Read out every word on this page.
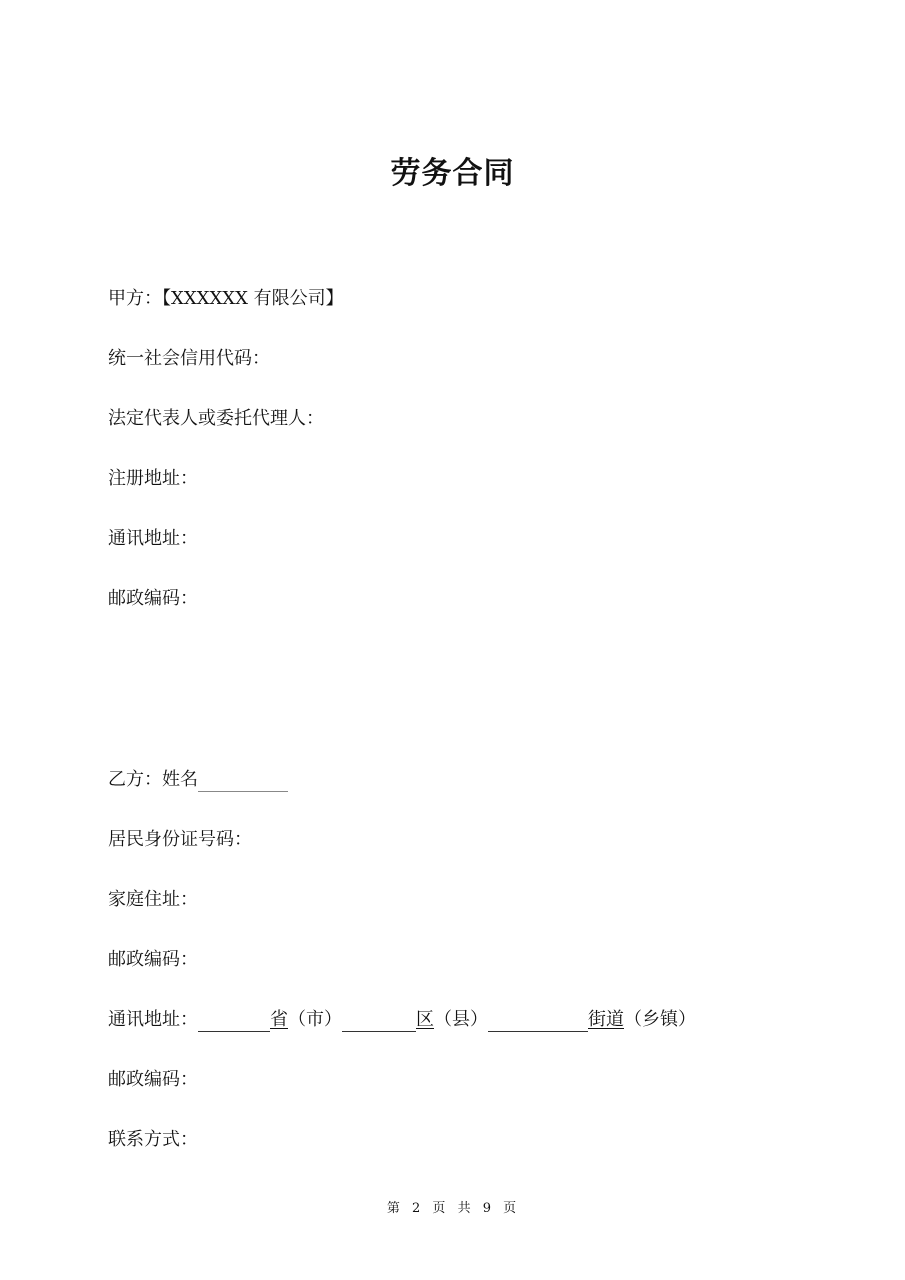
劳务合同
甲方：【XXXXXX 有限公司】
统一社会信用代码：
法定代表人或委托代理人：
注册地址：
通讯地址：
邮政编码：
乙方：姓名
居民身份证号码：
家庭住址：
邮政编码：
通讯地址：	省（市）	区（县）	街道（乡镇）
邮政编码：
联系方式：
第 2 页 共 9 页
